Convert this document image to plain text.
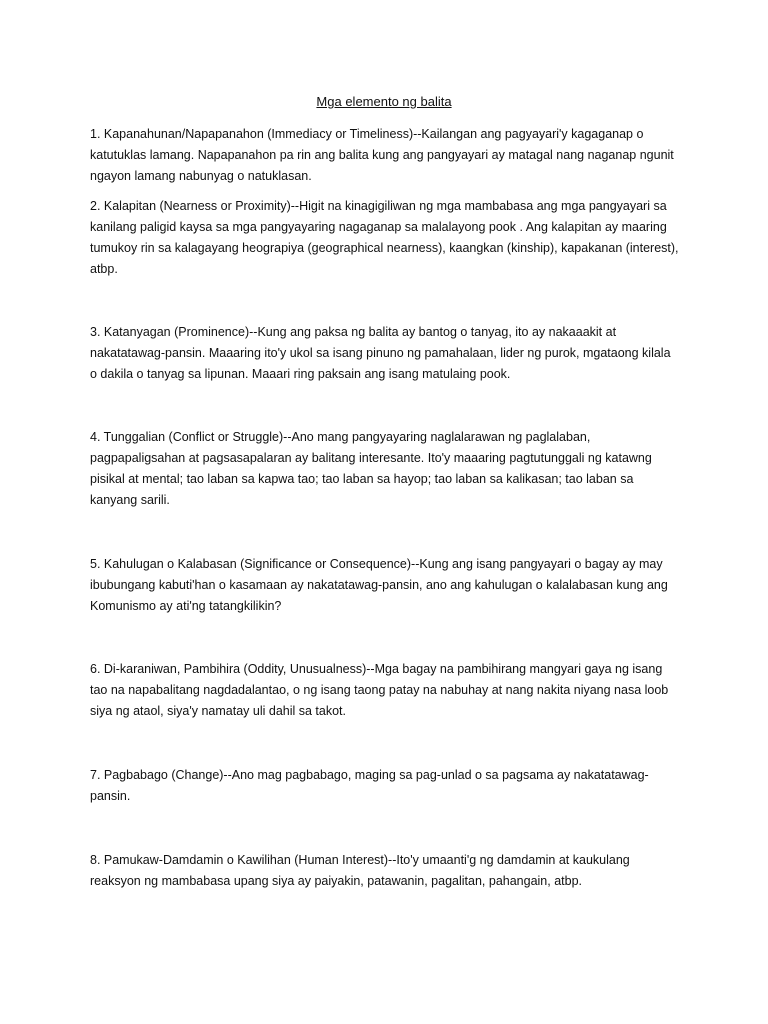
Mga elemento ng balita

1. Kapanahunan/Napapanahon (Immediacy or Timeliness)--Kailangan ang pagyayari'y kagaganap o katutuklas lamang. Napapanahon pa rin ang balita kung ang pangyayari ay matagal nang naganap ngunit ngayon lamang nabunyag o natuklasan.

2. Kalapitan (Nearness or Proximity)--Higit na kinagigiliwan ng mga mambabasa ang mga pangyayari sa kanilang paligid kaysa sa mga pangyayaring nagaganap sa malalayong pook . Ang kalapitan ay maaring tumukoy rin sa kalagayang heograpiya (geographical nearness), kaangkan (kinship), kapakanan (interest), atbp.

3. Katanyagan (Prominence)--Kung ang paksa ng balita ay bantog o tanyag, ito ay nakaaakit at nakatatawag-pansin. Maaaring ito'y ukol sa isang pinuno ng pamahalaan, lider ng purok, mgataong kilala o dakila o tanyag sa lipunan. Maaari ring paksain ang isang matulaing pook.

4. Tunggalian (Conflict or Struggle)--Ano mang pangyayaring naglalarawan ng paglalaban, pagpapaligsahan at pagsasapalaran ay balitang interesante. Ito'y maaaring pagtutunggali ng katawng pisikal at mental; tao laban sa kapwa tao; tao laban sa hayop; tao laban sa kalikasan; tao laban sa kanyang sarili.

5. Kahulugan o Kalabasan (Significance or Consequence)--Kung ang isang pangyayari o bagay ay may ibubungang kabuti'han o kasamaan ay nakatatawag-pansin, ano ang kahulugan o kalalabasan kung ang Komunismo ay ati'ng tatangkilikin?

6. Di-karaniwan, Pambihira (Oddity, Unusualness)--Mga bagay na pambihirang mangyari gaya ng isang tao na napabalitang nagdadalantao, o ng isang taong patay na nabuhay at nang nakita niyang nasa loob siya ng ataol, siya'y namatay uli dahil sa takot.

7. Pagbabago (Change)--Ano mag pagbabago, maging sa pag-unlad o sa pagsama ay nakatatawag-pansin.

8. Pamukaw-Damdamin o Kawilihan (Human Interest)--Ito'y umaanti'g ng damdamin at kaukulang reaksyon ng mambabasa upang siya ay paiyakin, patawanin, pagalitan, pahangain, atbp.
